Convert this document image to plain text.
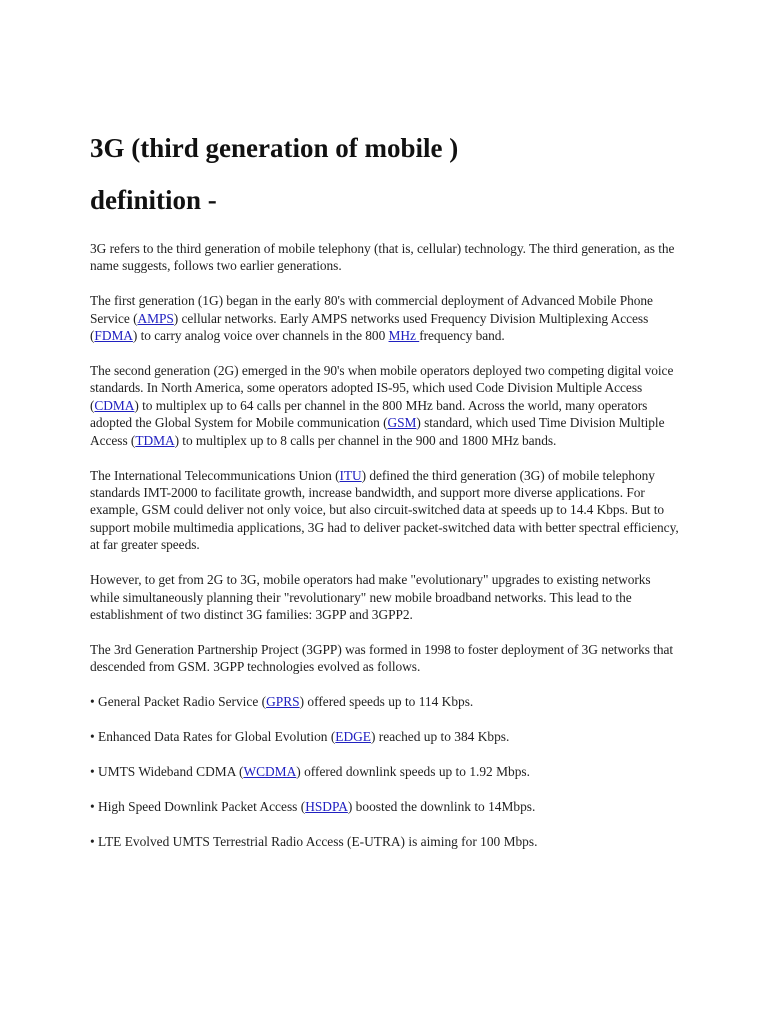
3G (third generation of mobile )
definition -

3G refers to the third generation of mobile telephony (that is, cellular) technology. The third generation, as the name suggests, follows two earlier generations.

The first generation (1G) began in the early 80's with commercial deployment of Advanced Mobile Phone Service (AMPS) cellular networks. Early AMPS networks used Frequency Division Multiplexing Access (FDMA) to carry analog voice over channels in the 800 MHz frequency band.

The second generation (2G) emerged in the 90's when mobile operators deployed two competing digital voice standards. In North America, some operators adopted IS-95, which used Code Division Multiple Access (CDMA) to multiplex up to 64 calls per channel in the 800 MHz band. Across the world, many operators adopted the Global System for Mobile communication (GSM) standard, which used Time Division Multiple Access (TDMA) to multiplex up to 8 calls per channel in the 900 and 1800 MHz bands.

The International Telecommunications Union (ITU) defined the third generation (3G) of mobile telephony standards IMT-2000 to facilitate growth, increase bandwidth, and support more diverse applications. For example, GSM could deliver not only voice, but also circuit-switched data at speeds up to 14.4 Kbps. But to support mobile multimedia applications, 3G had to deliver packet-switched data with better spectral efficiency, at far greater speeds.

However, to get from 2G to 3G, mobile operators had make "evolutionary" upgrades to existing networks while simultaneously planning their "revolutionary" new mobile broadband networks. This lead to the establishment of two distinct 3G families: 3GPP and 3GPP2.

The 3rd Generation Partnership Project (3GPP) was formed in 1998 to foster deployment of 3G networks that descended from GSM. 3GPP technologies evolved as follows.

• General Packet Radio Service (GPRS) offered speeds up to 114 Kbps.

• Enhanced Data Rates for Global Evolution (EDGE) reached up to 384 Kbps.

• UMTS Wideband CDMA (WCDMA) offered downlink speeds up to 1.92 Mbps.

• High Speed Downlink Packet Access (HSDPA) boosted the downlink to 14Mbps.

• LTE Evolved UMTS Terrestrial Radio Access (E-UTRA) is aiming for 100 Mbps.
